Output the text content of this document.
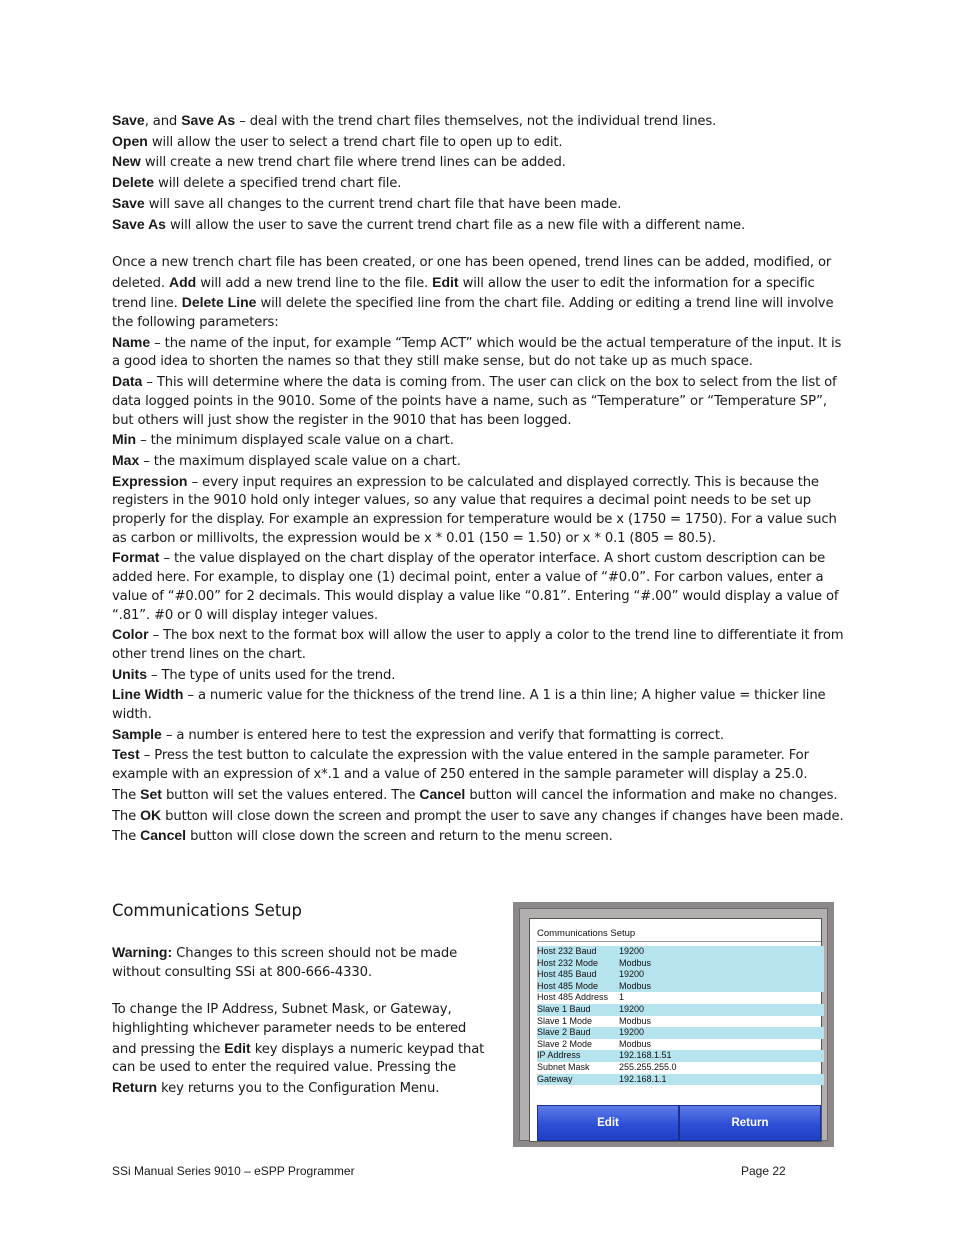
Save, and Save As – deal with the trend chart files themselves, not the individual trend lines.

Open will allow the user to select a trend chart file to open up to edit.

New will create a new trend chart file where trend lines can be added.

Delete will delete a specified trend chart file.

Save will save all changes to the current trend chart file that have been made.

Save As will allow the user to save the current trend chart file as a new file with a different name.

Once a new trench chart file has been created, or one has been opened, trend lines can be added, modified, or deleted. Add will add a new trend line to the file. Edit will allow the user to edit the information for a specific trend line. Delete Line will delete the specified line from the chart file. Adding or editing a trend line will involve the following parameters:

Name – the name of the input, for example “Temp ACT” which would be the actual temperature of the input. It is a good idea to shorten the names so that they still make sense, but do not take up as much space.

Data – This will determine where the data is coming from. The user can click on the box to select from the list of data logged points in the 9010. Some of the points have a name, such as “Temperature” or “Temperature SP”, but others will just show the register in the 9010 that has been logged.

Min – the minimum displayed scale value on a chart.

Max – the maximum displayed scale value on a chart.

Expression – every input requires an expression to be calculated and displayed correctly. This is because the registers in the 9010 hold only integer values, so any value that requires a decimal point needs to be set up properly for the display. For example an expression for temperature would be x (1750 = 1750). For a value such as carbon or millivolts, the expression would be x * 0.01 (150 = 1.50) or x * 0.1 (805 = 80.5).

Format – the value displayed on the chart display of the operator interface. A short custom description can be added here. For example, to display one (1) decimal point, enter a value of “#0.0”. For carbon values, enter a value of “#0.00” for 2 decimals. This would display a value like “0.81”. Entering “#.00” would display a value of “.81”. #0 or 0 will display integer values.

Color – The box next to the format box will allow the user to apply a color to the trend line to differentiate it from other trend lines on the chart.

Units – The type of units used for the trend.

Line Width – a numeric value for the thickness of the trend line. A 1 is a thin line; A higher value = thicker line width.

Sample – a number is entered here to test the expression and verify that formatting is correct.

Test – Press the test button to calculate the expression with the value entered in the sample parameter. For example with an expression of x*.1 and a value of 250 entered in the sample parameter will display a 25.0.

The Set button will set the values entered. The Cancel button will cancel the information and make no changes.

The OK button will close down the screen and prompt the user to save any changes if changes have been made.

The Cancel button will close down the screen and return to the menu screen.

Communications Setup

Warning: Changes to this screen should not be made without consulting SSi at 800-666-4330.

To change the IP Address, Subnet Mask, or Gateway, highlighting whichever parameter needs to be entered and pressing the Edit key displays a numeric keypad that can be used to enter the required value. Pressing the Return key returns you to the Configuration Menu.

Communications Setup
Host 232 Baud 19200
Host 232 Mode Modbus
Host 485 Baud 19200
Host 485 Mode Modbus
Host 485 Address 1
Slave 1 Baud	19200
Slave 1 Mode	Modbus
Slave 2 Baud	19200
Slave 2 Mode	Modbus
IP Address	192.168.1.51
Subnet Mask	255.255.255.0
Gateway	192.168.1.1
Edit	Return
SSi Manual Series 9010 – eSPP Programmer	Page 22
